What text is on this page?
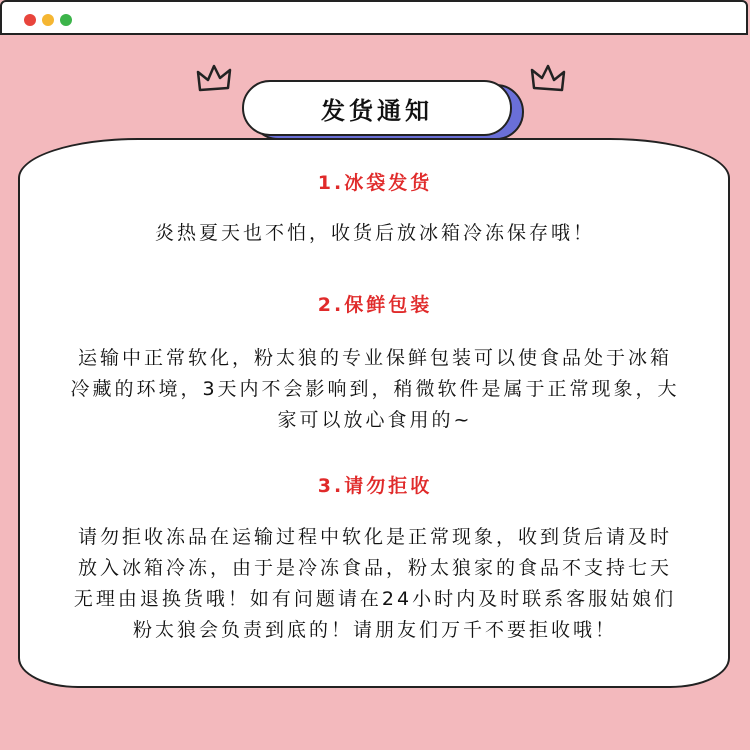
发货通知
1.冰袋发货
炎热夏天也不怕，收货后放冰箱冷冻保存哦！
2.保鲜包装
运输中正常软化，粉太狼的专业保鲜包装可以使食品处于冰箱
冷藏的环境，3天内不会影响到，稍微软件是属于正常现象，大
家可以放心食用的~
3.请勿拒收
请勿拒收冻品在运输过程中软化是正常现象，收到货后请及时
放入冰箱冷冻，由于是冷冻食品，粉太狼家的食品不支持七天
无理由退换货哦！如有问题请在24小时内及时联系客服姑娘们
粉太狼会负责到底的！请朋友们万千不要拒收哦！
